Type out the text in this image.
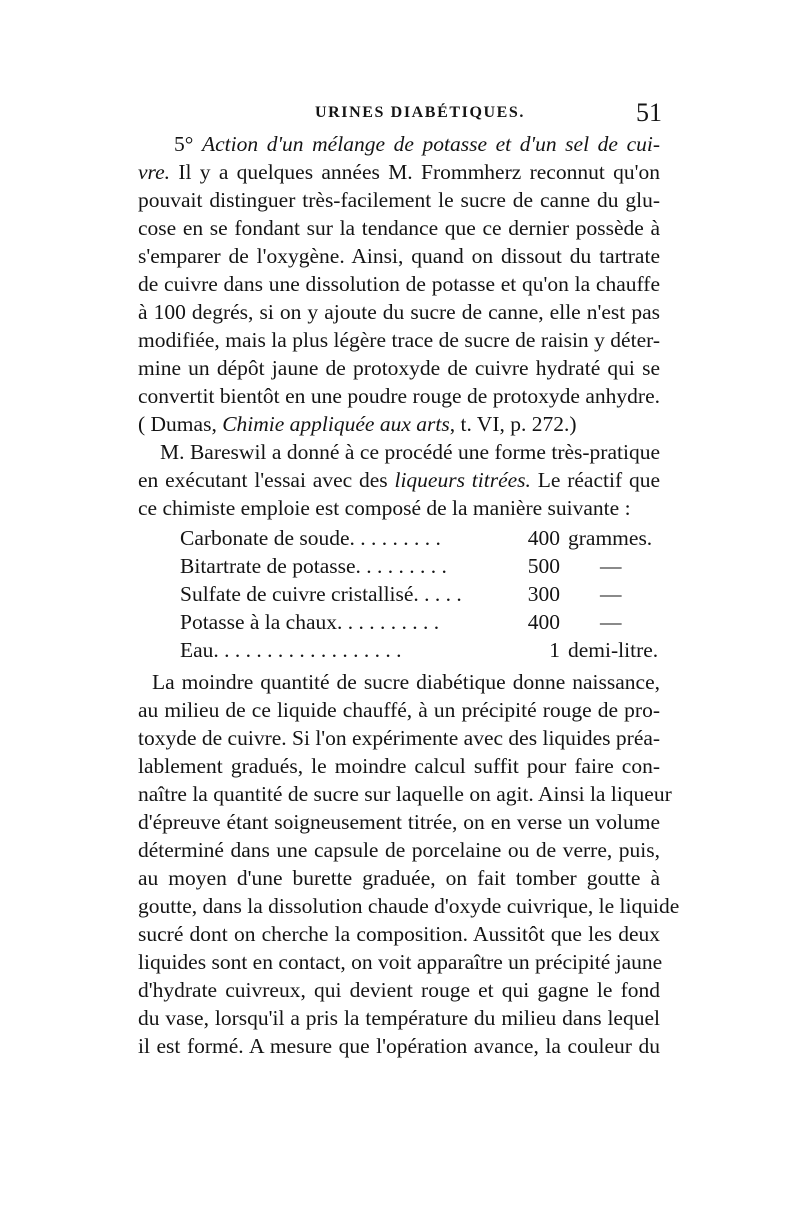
URINES DIABÉTIQUES.	51
5° Action d'un mélange de potasse et d'un sel de cui-
vre. Il y a quelques années M. Frommherz reconnut qu'on
pouvait distinguer très-facilement le sucre de canne du glu-
cose en se fondant sur la tendance que ce dernier possède à
s'emparer de l'oxygène. Ainsi, quand on dissout du tartrate
de cuivre dans une dissolution de potasse et qu'on la chauffe
à 100 degrés, si on y ajoute du sucre de canne, elle n'est pas
modifiée, mais la plus légère trace de sucre de raisin y déter-
mine un dépôt jaune de protoxyde de cuivre hydraté qui se
convertit bientôt en une poudre rouge de protoxyde anhydre.
( Dumas, Chimie appliquée aux arts, t. VI, p. 272.)
M. Bareswil a donné à ce procédé une forme très-pratique
en exécutant l'essai avec des liqueurs titrées. Le réactif que
ce chimiste emploie est composé de la manière suivante :
Carbonate de soude. . . . . . . . .	400 grammes.
Bitartrate de potasse. . . . . . . . .	500 —
Sulfate de cuivre cristallisé. . . . .	300 —
Potasse à la chaux. . . . . . . . . .	400 —
Eau. . . . . . . . . . . . . . . . . .	1 demi-litre.
La moindre quantité de sucre diabétique donne naissance,
au milieu de ce liquide chauffé, à un précipité rouge de pro-
toxyde de cuivre. Si l'on expérimente avec des liquides préa-
lablement gradués, le moindre calcul suffit pour faire con-
naître la quantité de sucre sur laquelle on agit. Ainsi la liqueur
d'épreuve étant soigneusement titrée, on en verse un volume
déterminé dans une capsule de porcelaine ou de verre, puis,
au moyen d'une burette graduée, on fait tomber goutte à
goutte, dans la dissolution chaude d'oxyde cuivrique, le liquide
sucré dont on cherche la composition. Aussitôt que les deux
liquides sont en contact, on voit apparaître un précipité jaune
d'hydrate cuivreux, qui devient rouge et qui gagne le fond
du vase, lorsqu'il a pris la température du milieu dans lequel
il est formé. A mesure que l'opération avance, la couleur du
